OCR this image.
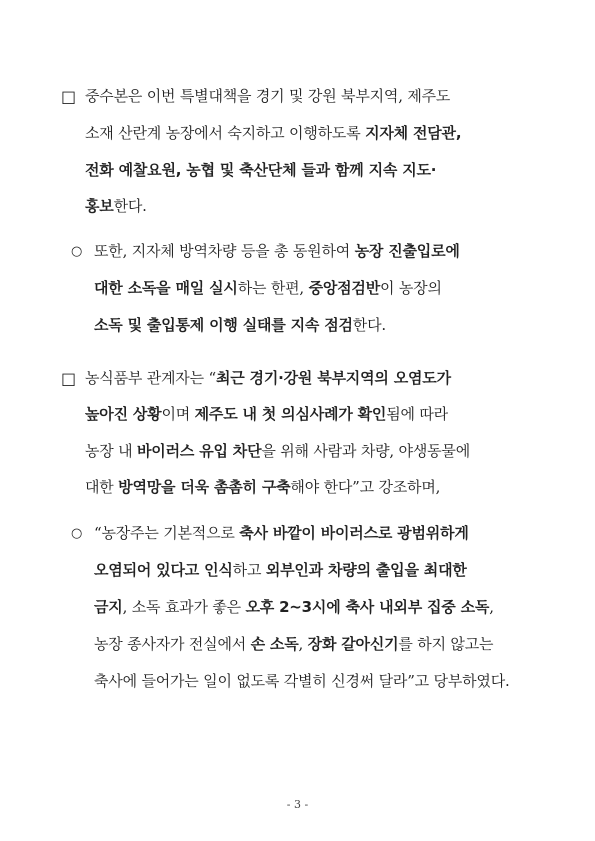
□
○
□
○
중수본은 이번 특별대책을 경기 및 강원 북부지역, 제주도
소재 산란계 농장에서 숙지하고 이행하도록 지자체 전담관,
전화 예찰요원, 농협 및 축산단체 들과 함께 지속 지도·
홍보한다.
또한, 지자체 방역차량 등을 총 동원하여 농장 진출입로에
대한 소독을 매일 실시하는 한편, 중앙점검반이 농장의
소독 및 출입통제 이행 실태를 지속 점검한다.
농식품부 관계자는 “최근 경기·강원 북부지역의 오염도가
높아진 상황이며 제주도 내 첫 의심사례가 확인됨에 따라
농장 내 바이러스 유입 차단을 위해 사람과 차량, 야생동물에
대한 방역망을 더욱 촘촘히 구축해야 한다”고 강조하며,
“농장주는 기본적으로 축사 바깥이 바이러스로 광범위하게
오염되어 있다고 인식하고 외부인과 차량의 출입을 최대한
금지, 소독 효과가 좋은 오후 2~3시에 축사 내외부 집중 소독,
농장 종사자가 전실에서 손 소독, 장화 갈아신기를 하지 않고는
축사에 들어가는 일이 없도록 각별히 신경써 달라”고 당부하였다.
- 3 -
